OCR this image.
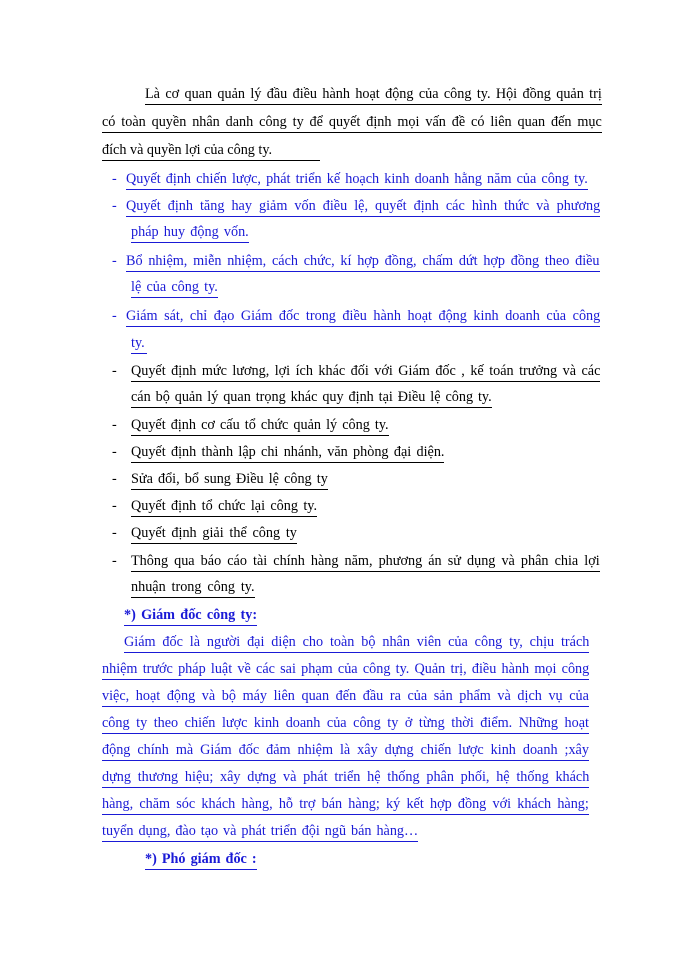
Là cơ quan quản lý đầu điều hành hoạt động của công ty. Hội đồng quản trị
có toàn quyền nhân danh công ty để quyết định mọi vấn đề có liên quan đến mục
đích và quyền lợi của công ty.
- Quyết định chiến lược, phát triển kế hoạch kinh doanh hằng năm của công ty.
- Quyết định tăng hay giảm vốn điều lệ, quyết định các hình thức và phương
pháp huy động vốn.
- Bổ nhiệm, miễn nhiệm, cách chức, kí hợp đồng, chấm dứt hợp đồng theo điều
lệ của công ty.
- Giám sát, chỉ đạo Giám đốc trong điều hành hoạt động kinh doanh của công
ty.
- Quyết định mức lương, lợi ích khác đối với Giám đốc , kế toán trưởng và các
cán bộ quản lý quan trọng khác quy định tại Điều lệ công ty.
- Quyết định cơ cấu tổ chức quản lý công ty.
- Quyết định thành lập chi nhánh, văn phòng đại diện.
- Sửa đổi, bổ sung Điều lệ công ty
- Quyết định tổ chức lại công ty.
- Quyết định giải thể công ty
- Thông qua báo cáo tài chính hàng năm, phương án sử dụng và phân chia lợi
nhuận trong công ty.
*) Giám đốc công ty:
Giám đốc là người đại diện cho toàn bộ nhân viên của công ty, chịu trách
nhiệm trước pháp luật về các sai phạm của công ty. Quản trị, điều hành mọi công
việc, hoạt động và bộ máy liên quan đến đầu ra của sản phẩm và dịch vụ của
công ty theo chiến lược kinh doanh của công ty ở từng thời điểm. Những hoạt
động chính mà Giám đốc đảm nhiệm là xây dựng chiến lược kinh doanh ;xây
dựng thương hiệu; xây dựng và phát triển hệ thống phân phối, hệ thống khách
hàng, chăm sóc khách hàng, hỗ trợ bán hàng; ký kết hợp đồng với khách hàng;
tuyển dụng, đào tạo và phát triển đội ngũ bán hàng…
*) Phó giám đốc :
